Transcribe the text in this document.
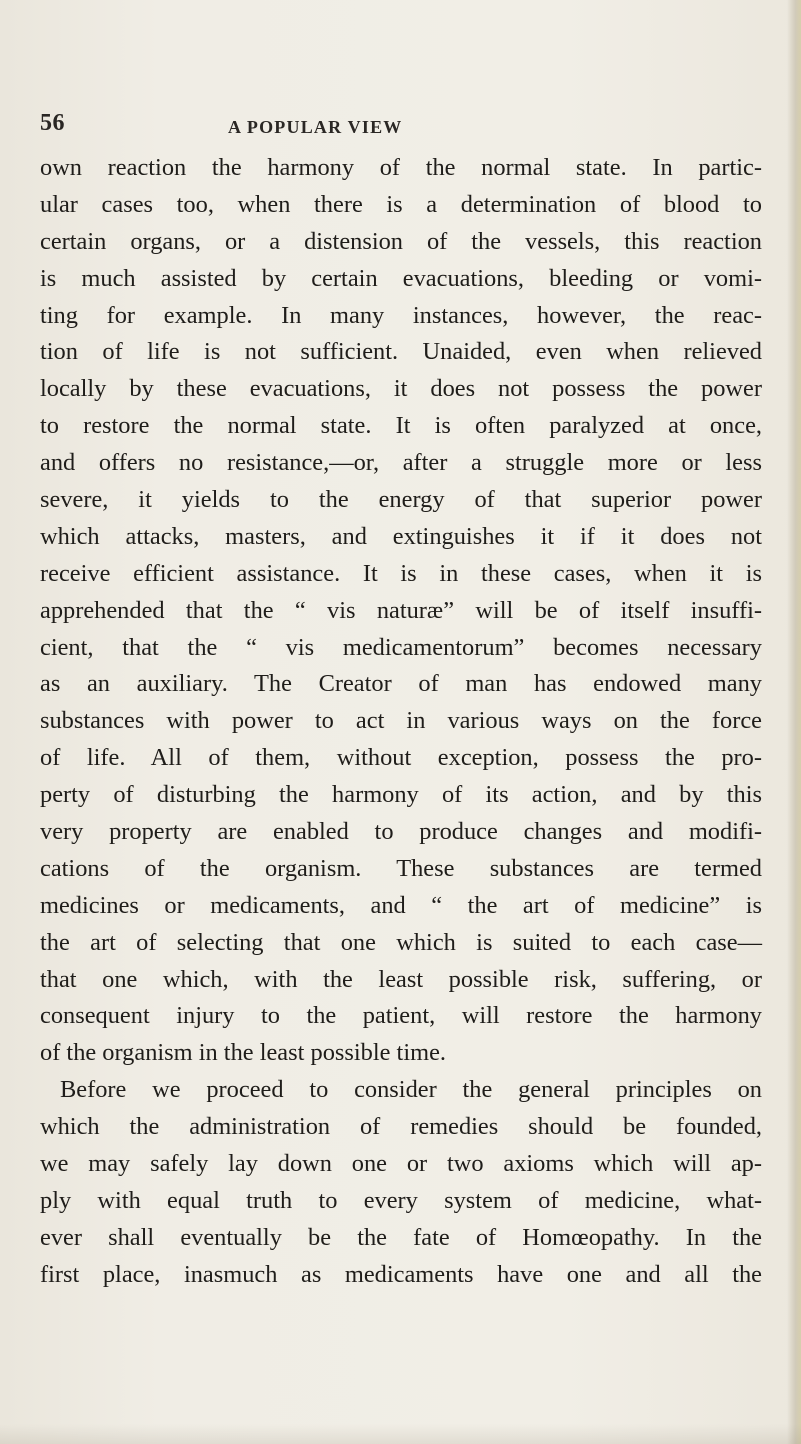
56	A POPULAR VIEW
own reaction the harmony of the normal state. In partic-
ular cases too, when there is a determination of blood to
certain organs, or a distension of the vessels, this reaction
is much assisted by certain evacuations, bleeding or vomi-
ting for example. In many instances, however, the reac-
tion of life is not sufficient. Unaided, even when relieved
locally by these evacuations, it does not possess the power
to restore the normal state. It is often paralyzed at once,
and offers no resistance,—or, after a struggle more or less
severe, it yields to the energy of that superior power
which attacks, masters, and extinguishes it if it does not
receive efficient assistance. It is in these cases, when it is
apprehended that the “ vis naturæ” will be of itself insuffi-
cient, that the “ vis medicamentorum” becomes necessary
as an auxiliary. The Creator of man has endowed many
substances with power to act in various ways on the force
of life. All of them, without exception, possess the pro-
perty of disturbing the harmony of its action, and by this
very property are enabled to produce changes and modifi-
cations of the organism. These substances are termed
medicines or medicaments, and “ the art of medicine” is
the art of selecting that one which is suited to each case—
that one which, with the least possible risk, suffering, or
consequent injury to the patient, will restore the harmony
of the organism in the least possible time.
Before we proceed to consider the general principles on
which the administration of remedies should be founded,
we may safely lay down one or two axioms which will ap-
ply with equal truth to every system of medicine, what-
ever shall eventually be the fate of Homœopathy. In the
first place, inasmuch as medicaments have one and all the
